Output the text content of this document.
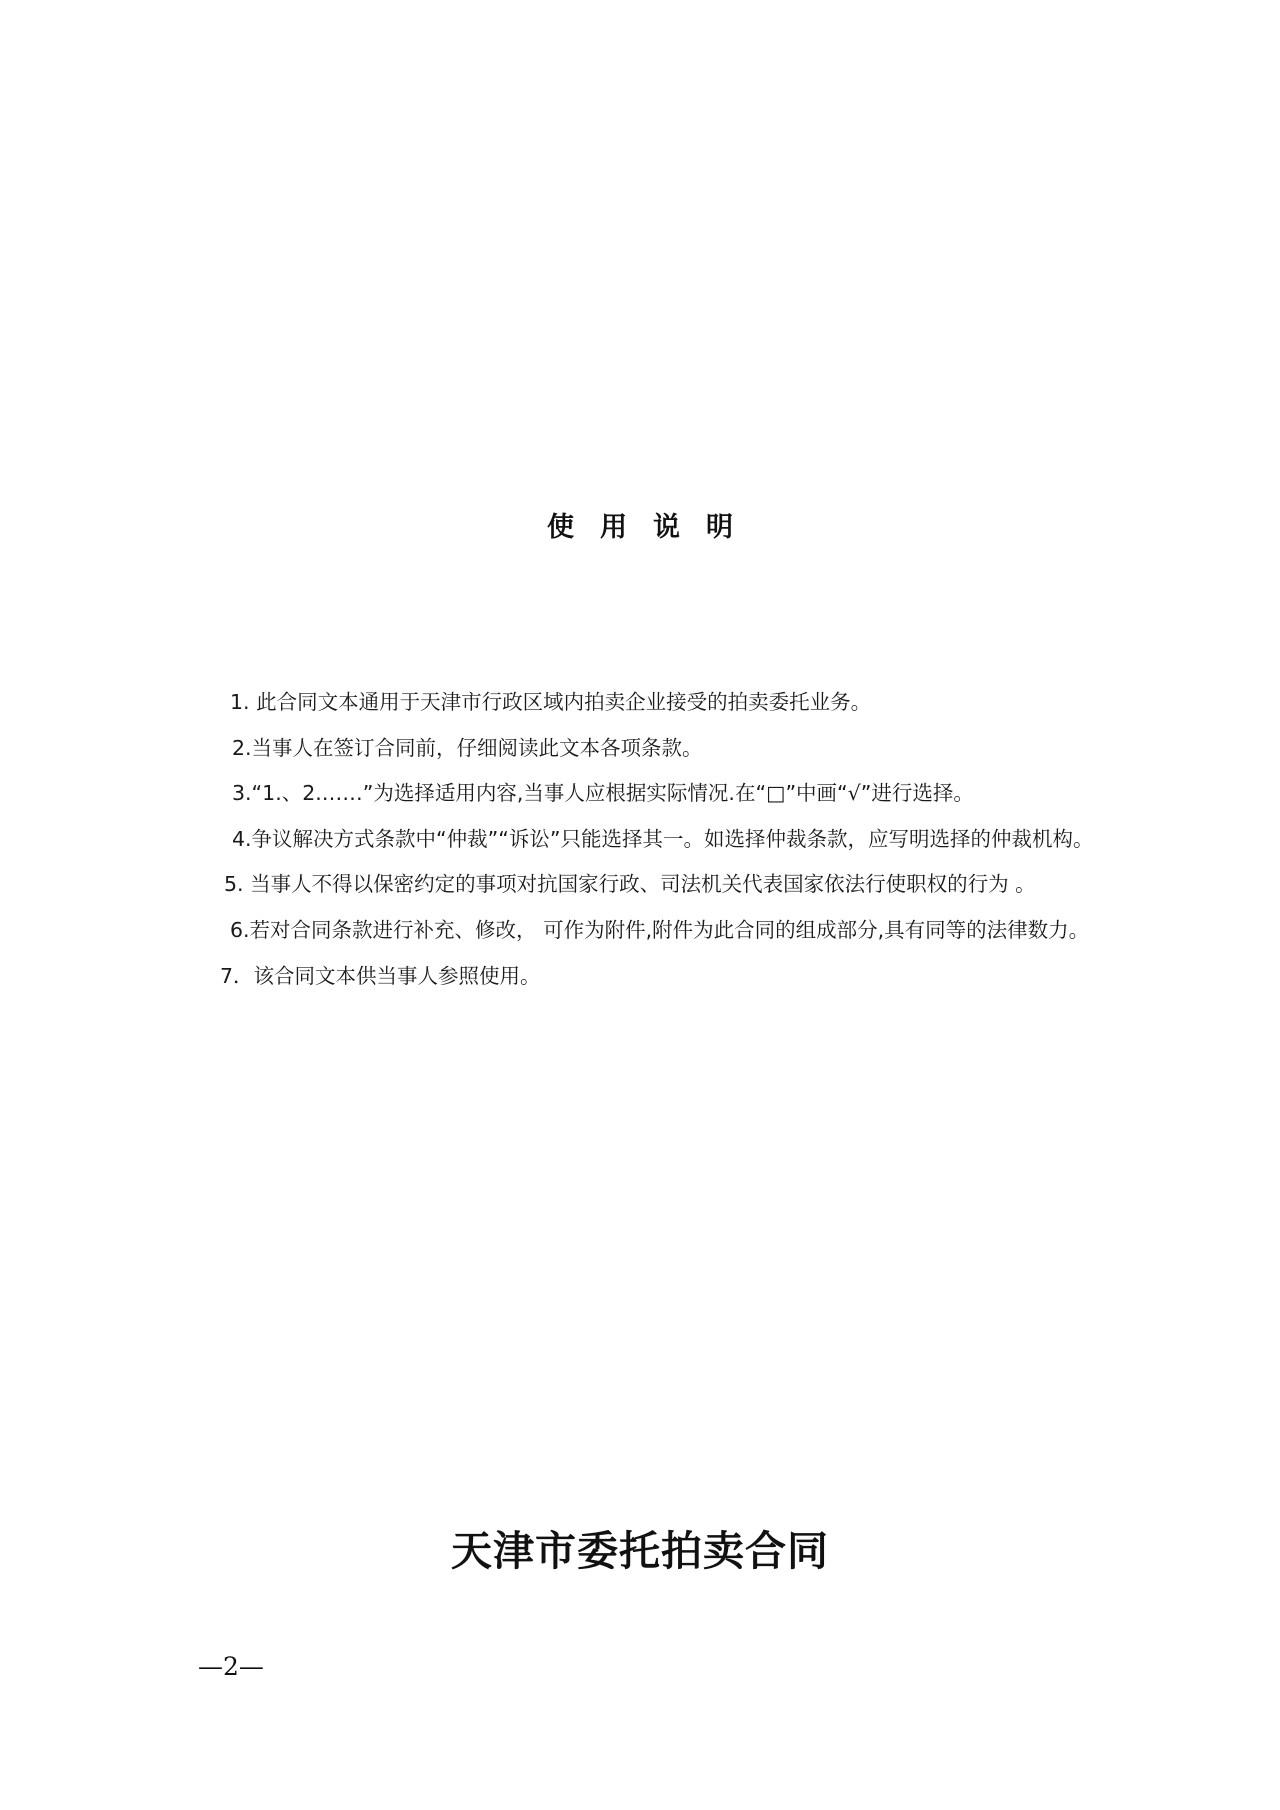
使用说明

1. 此合同文本通用于天津市行政区域内拍卖企业接受的拍卖委托业务。

2.当事人在签订合同前，仔细阅读此文本各项条款。

3.“1.、2.……”为选择适用内容,当事人应根据实际情况.在“□”中画“√”进行选择。

4.争议解决方式条款中“仲裁”“诉讼”只能选择其一。如选择仲裁条款，应写明选择的仲裁机构。

5. 当事人不得以保密约定的事项对抗国家行政、司法机关代表国家依法行使职权的行为 。

6.若对合同条款进行补充、修改， 可作为附件,附件为此合同的组成部分,具有同等的法律数力。

7．该合同文本供当事人参照使用。

天津市委托拍卖合同
—2—
